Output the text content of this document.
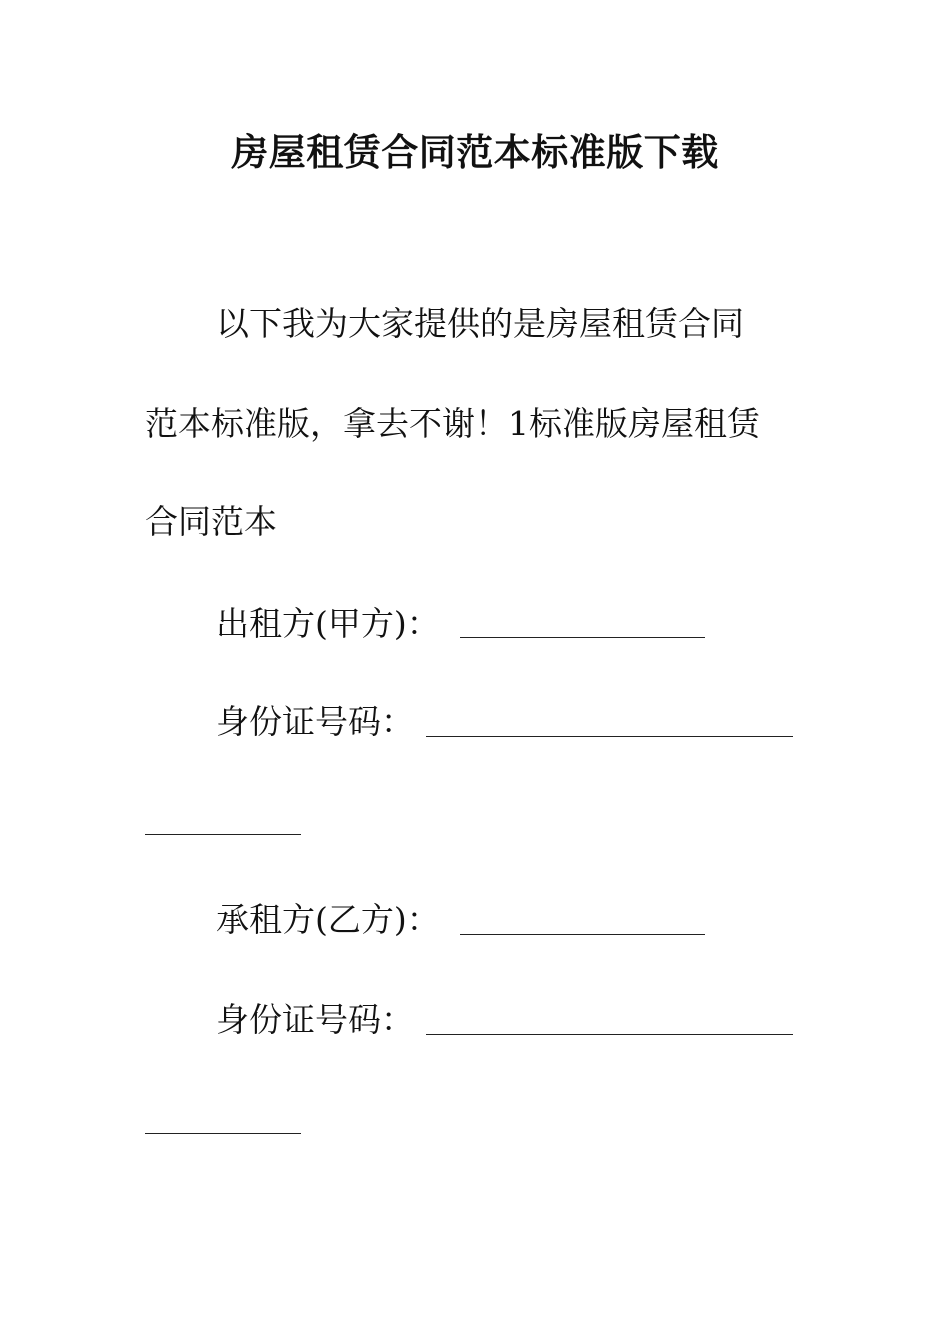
房屋租赁合同范本标准版下载
以下我为大家提供的是房屋租赁合同
范本标准版，拿去不谢！1标准版房屋租赁
合同范本
出租方(甲方)：
身份证号码：
承租方(乙方)：
身份证号码：
